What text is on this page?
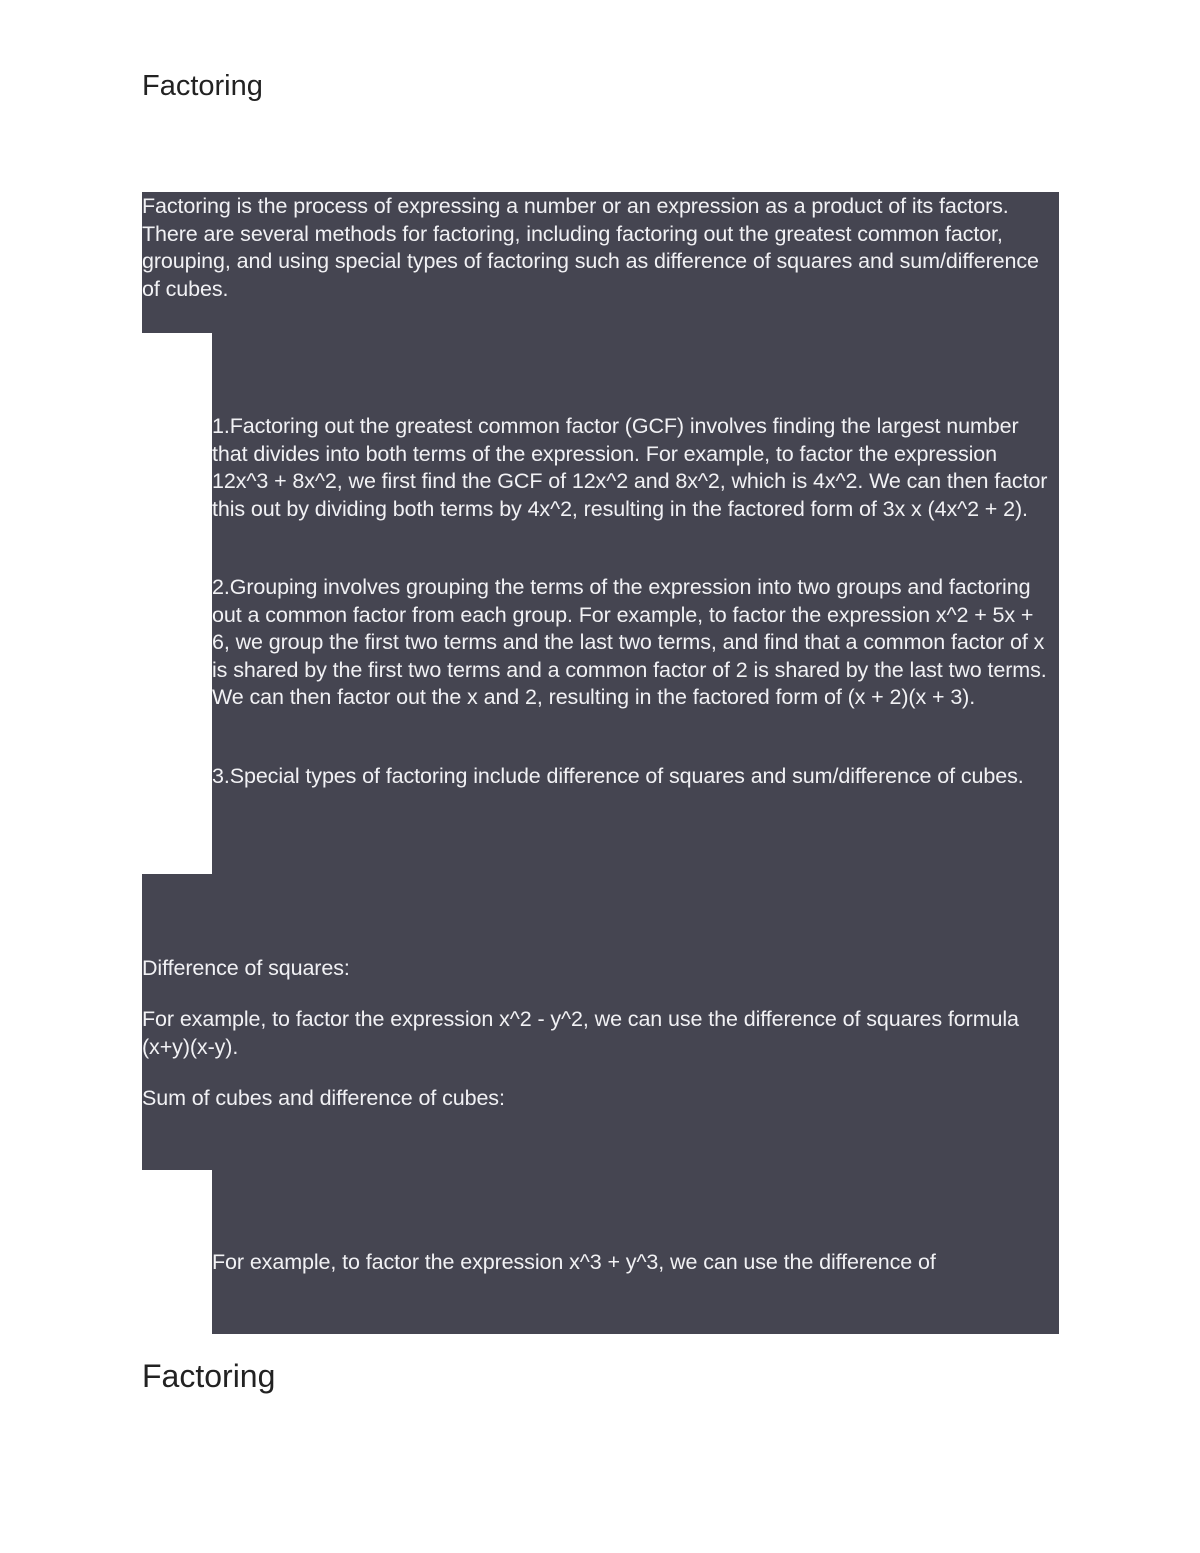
Factoring

Factoring is the process of expressing a number or an expression as a product of its factors. There are several methods for factoring, including factoring out the greatest common factor, grouping, and using special types of factoring such as difference of squares and sum/difference of cubes.

1.Factoring out the greatest common factor (GCF) involves finding the largest number that divides into both terms of the expression. For example, to factor the expression 12x^3 + 8x^2, we first find the GCF of 12x^2 and 8x^2, which is 4x^2. We can then factor this out by dividing both terms by 4x^2, resulting in the factored form of 3x x (4x^2 + 2).

2.Grouping involves grouping the terms of the expression into two groups and factoring out a common factor from each group. For example, to factor the expression x^2 + 5x + 6, we group the first two terms and the last two terms, and find that a common factor of x is shared by the first two terms and a common factor of 2 is shared by the last two terms. We can then factor out the x and 2, resulting in the factored form of (x + 2)(x + 3).

3.Special types of factoring include difference of squares and sum/difference of cubes.

Difference of squares:

For example, to factor the expression x^2 - y^2, we can use the difference of squares formula (x+y)(x-y).

Sum of cubes and difference of cubes:

For example, to factor the expression x^3 + y^3, we can use the difference of

Factoring
